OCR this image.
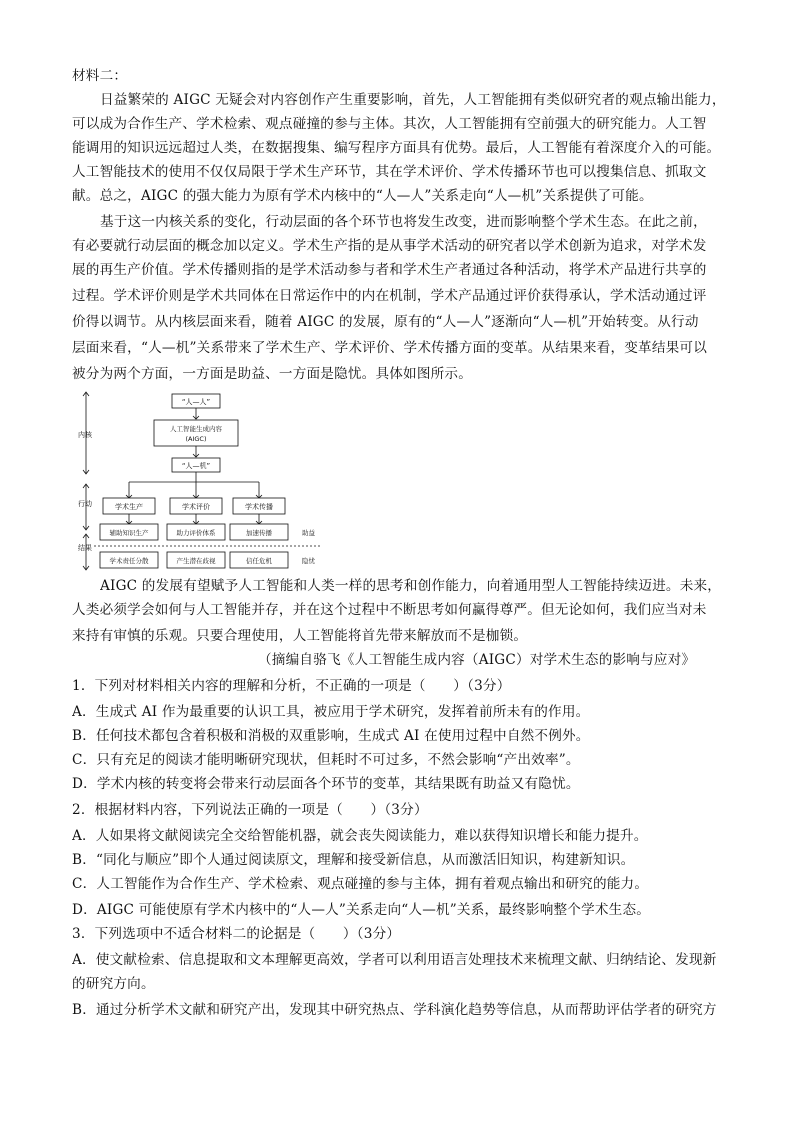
材料二：
日益繁荣的 AIGC 无疑会对内容创作产生重要影响，首先，人工智能拥有类似研究者的观点输出能力，
可以成为合作生产、学术检索、观点碰撞的参与主体。其次，人工智能拥有空前强大的研究能力。人工智
能调用的知识远远超过人类，在数据搜集、编写程序方面具有优势。最后，人工智能有着深度介入的可能。
人工智能技术的使用不仅仅局限于学术生产环节，其在学术评价、学术传播环节也可以搜集信息、抓取文
献。总之，AIGC 的强大能力为原有学术内核中的“人—人”关系走向“人—机”关系提供了可能。
基于这一内核关系的变化，行动层面的各个环节也将发生改变，进而影响整个学术生态。在此之前，
有必要就行动层面的概念加以定义。学术生产指的是从事学术活动的研究者以学术创新为追求，对学术发
展的再生产价值。学术传播则指的是学术活动参与者和学术生产者通过各种活动，将学术产品进行共享的
过程。学术评价则是学术共同体在日常运作中的内在机制，学术产品通过评价获得承认，学术活动通过评
价得以调节。从内核层面来看，随着 AIGC 的发展，原有的“人—人”逐渐向“人—机”开始转变。从行动
层面来看，“人—机”关系带来了学术生产、学术评价、学术传播方面的变革。从结果来看，变革结果可以
被分为两个方面，一方面是助益、一方面是隐忧。具体如图所示。
内核
行动
结果
“人—人”
人工智能生成内容
(AIGC)
“人—机”
学术生产	学术评价	学术传播
辅助知识生产	助力评价体系	加速传播	助益
学术责任分散	产生潜在歧视	信任危机	隐忧
AIGC 的发展有望赋予人工智能和人类一样的思考和创作能力，向着通用型人工智能持续迈进。未来，
人类必须学会如何与人工智能并存，并在这个过程中不断思考如何赢得尊严。但无论如何，我们应当对未
来持有审慎的乐观。只要合理使用，人工智能将首先带来解放而不是枷锁。
（摘编自骆飞《人工智能生成内容（AIGC）对学术生态的影响与应对》
1．下列对材料相关内容的理解和分析，不正确的一项是（　　）（3分）
A．生成式 AI 作为最重要的认识工具，被应用于学术研究，发挥着前所未有的作用。
B．任何技术都包含着积极和消极的双重影响，生成式 AI 在使用过程中自然不例外。
C．只有充足的阅读才能明晰研究现状，但耗时不可过多，不然会影响“产出效率”。
D．学术内核的转变将会带来行动层面各个环节的变革，其结果既有助益又有隐忧。
2．根据材料内容，下列说法正确的一项是（　　）（3分）
A．人如果将文献阅读完全交给智能机器，就会丧失阅读能力，难以获得知识增长和能力提升。
B．“同化与顺应”即个人通过阅读原文，理解和接受新信息，从而激活旧知识，构建新知识。
C．人工智能作为合作生产、学术检索、观点碰撞的参与主体，拥有着观点输出和研究的能力。
D．AIGC 可能使原有学术内核中的“人—人”关系走向“人—机”关系，最终影响整个学术生态。
3．下列选项中不适合材料二的论据是（　　）（3分）
A．使文献检索、信息提取和文本理解更高效，学者可以利用语言处理技术来梳理文献、归纳结论、发现新
的研究方向。
B．通过分析学术文献和研究产出，发现其中研究热点、学科演化趋势等信息，从而帮助评估学者的研究方
